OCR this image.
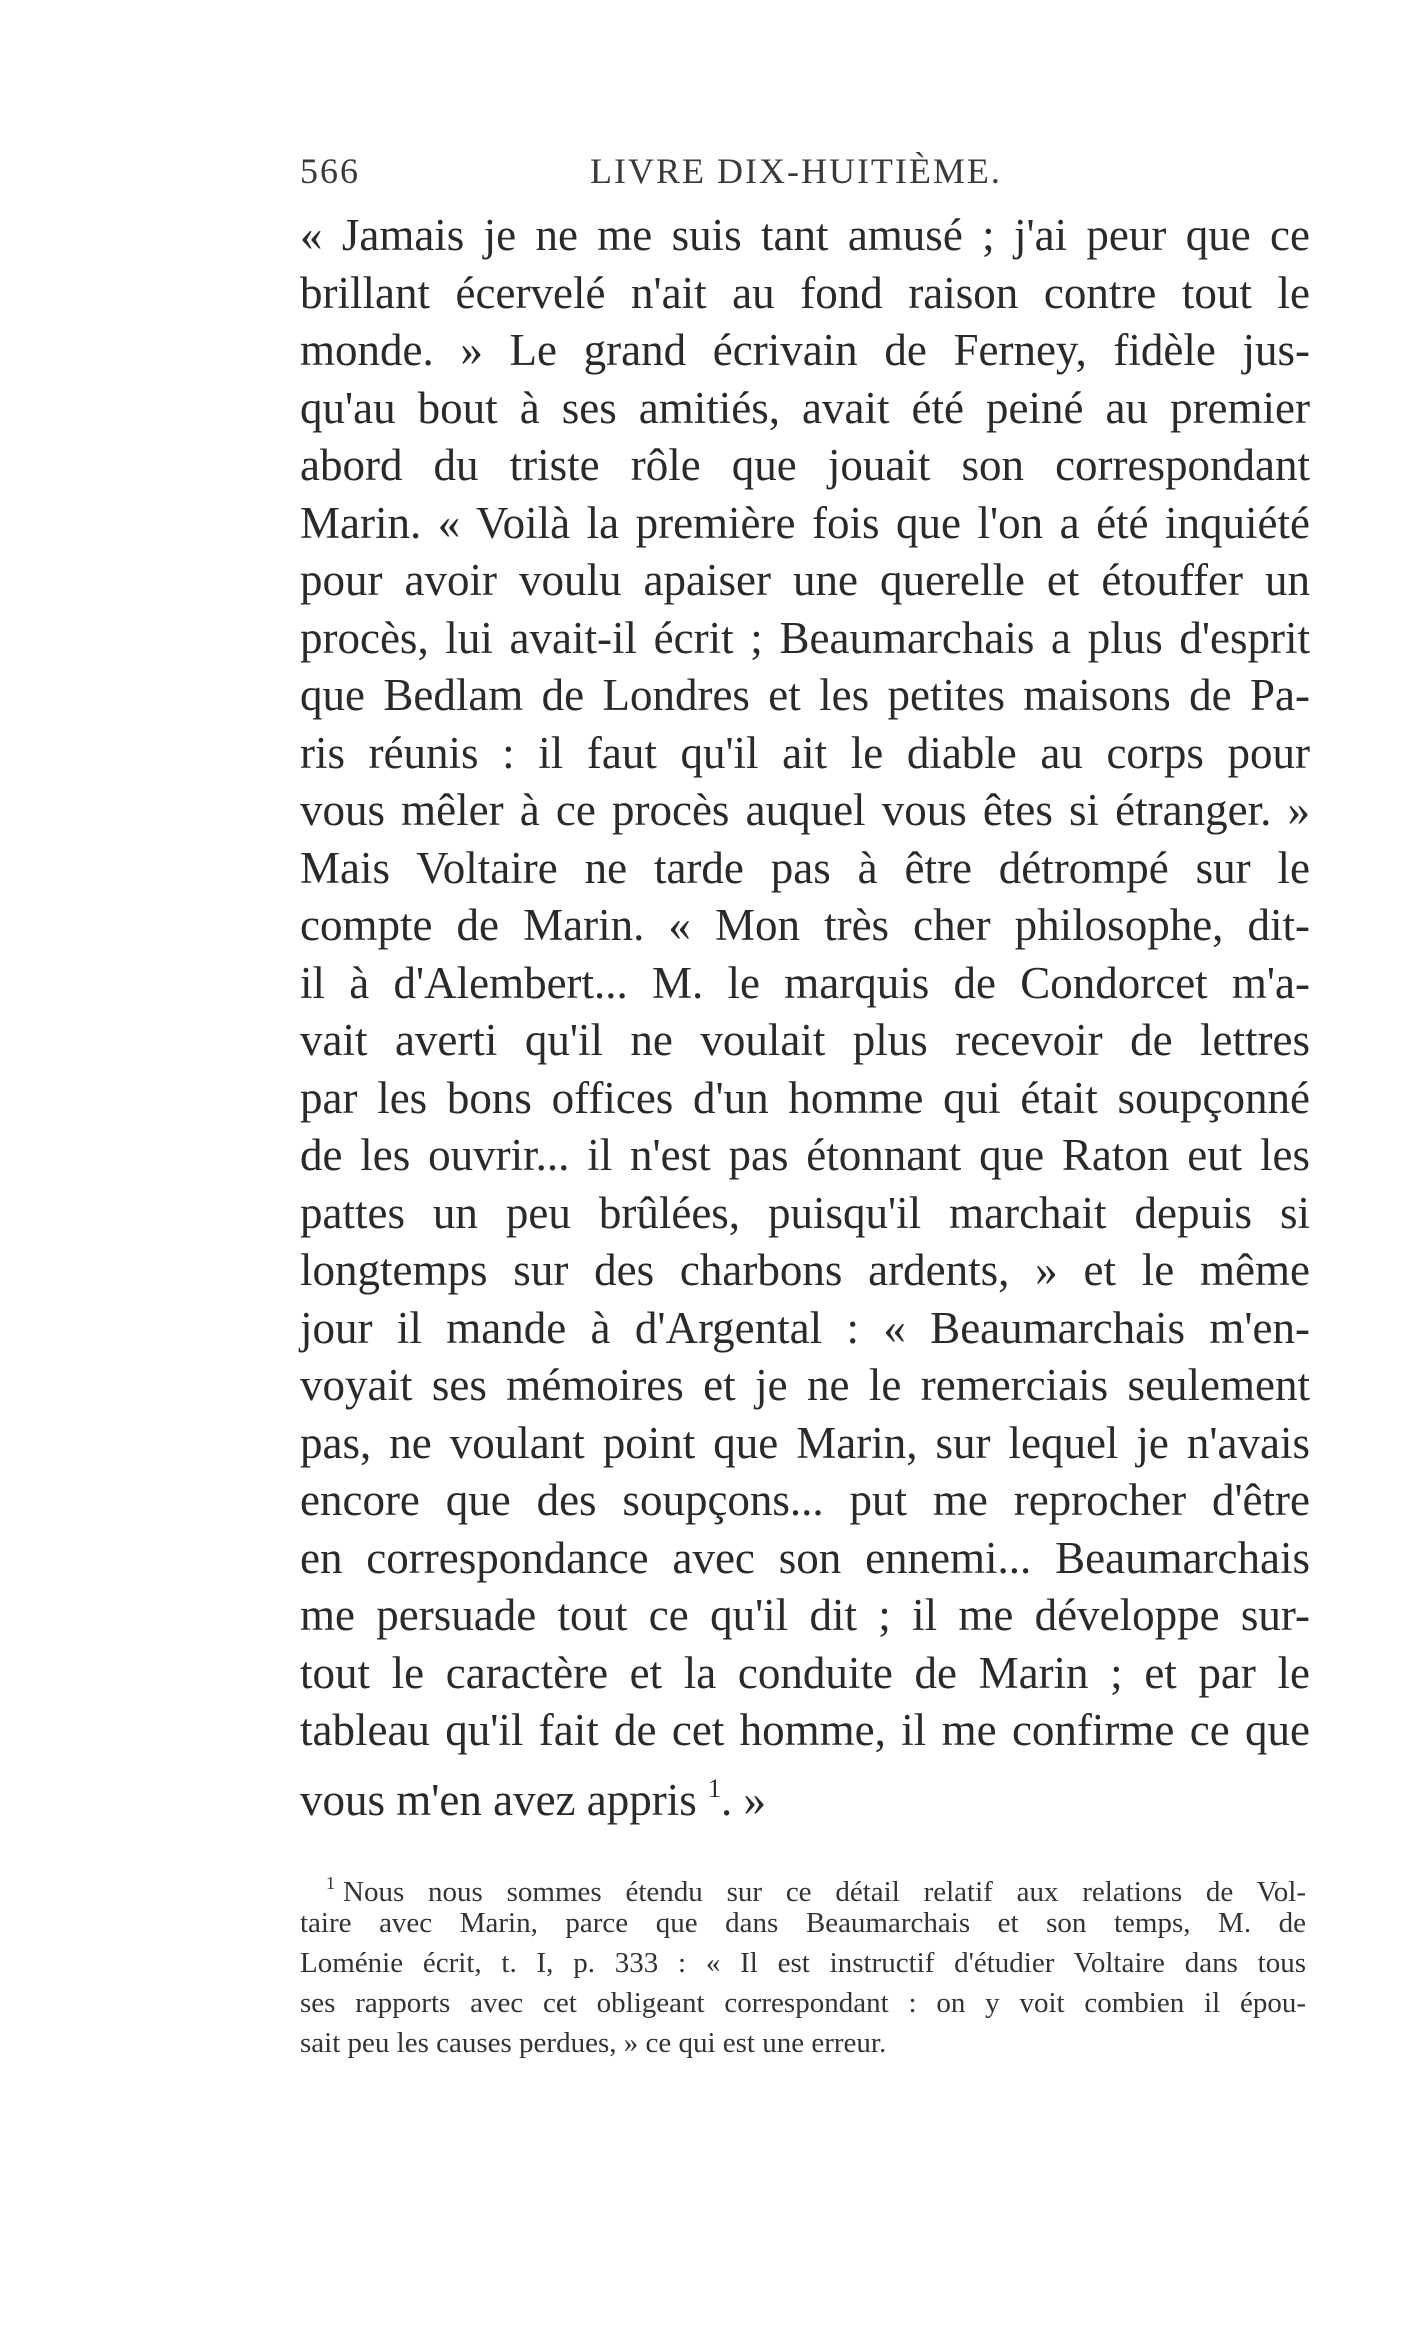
566	LIVRE DIX-HUITIÈME.
« Jamais je ne me suis tant amusé ; j'ai peur que ce
brillant écervelé n'ait au fond raison contre tout le
monde. » Le grand écrivain de Ferney, fidèle jus-
qu'au bout à ses amitiés, avait été peiné au premier
abord du triste rôle que jouait son correspondant
Marin. « Voilà la première fois que l'on a été inquiété
pour avoir voulu apaiser une querelle et étouffer un
procès, lui avait-il écrit ; Beaumarchais a plus d'esprit
que Bedlam de Londres et les petites maisons de Pa-
ris réunis : il faut qu'il ait le diable au corps pour
vous mêler à ce procès auquel vous êtes si étranger. »
Mais Voltaire ne tarde pas à être détrompé sur le
compte de Marin. « Mon très cher philosophe, dit-
il à d'Alembert... M. le marquis de Condorcet m'a-
vait averti qu'il ne voulait plus recevoir de lettres
par les bons offices d'un homme qui était soupçonné
de les ouvrir... il n'est pas étonnant que Raton eut les
pattes un peu brûlées, puisqu'il marchait depuis si
longtemps sur des charbons ardents, » et le même
jour il mande à d'Argental : « Beaumarchais m'en-
voyait ses mémoires et je ne le remerciais seulement
pas, ne voulant point que Marin, sur lequel je n'avais
encore que des soupçons... put me reprocher d'être
en correspondance avec son ennemi... Beaumarchais
me persuade tout ce qu'il dit ; il me développe sur-
tout le caractère et la conduite de Marin ; et par le
tableau qu'il fait de cet homme, il me confirme ce que
vous m'en avez appris $^1$. »
$^1$ Nous nous sommes étendu sur ce détail relatif aux relations de Vol-
taire avec Marin, parce que dans Beaumarchais et son temps, M. de
Loménie écrit, t. I, p. 333 : « Il est instructif d'étudier Voltaire dans tous
ses rapports avec cet obligeant correspondant : on y voit combien il épou-
sait peu les causes perdues, » ce qui est une erreur.
